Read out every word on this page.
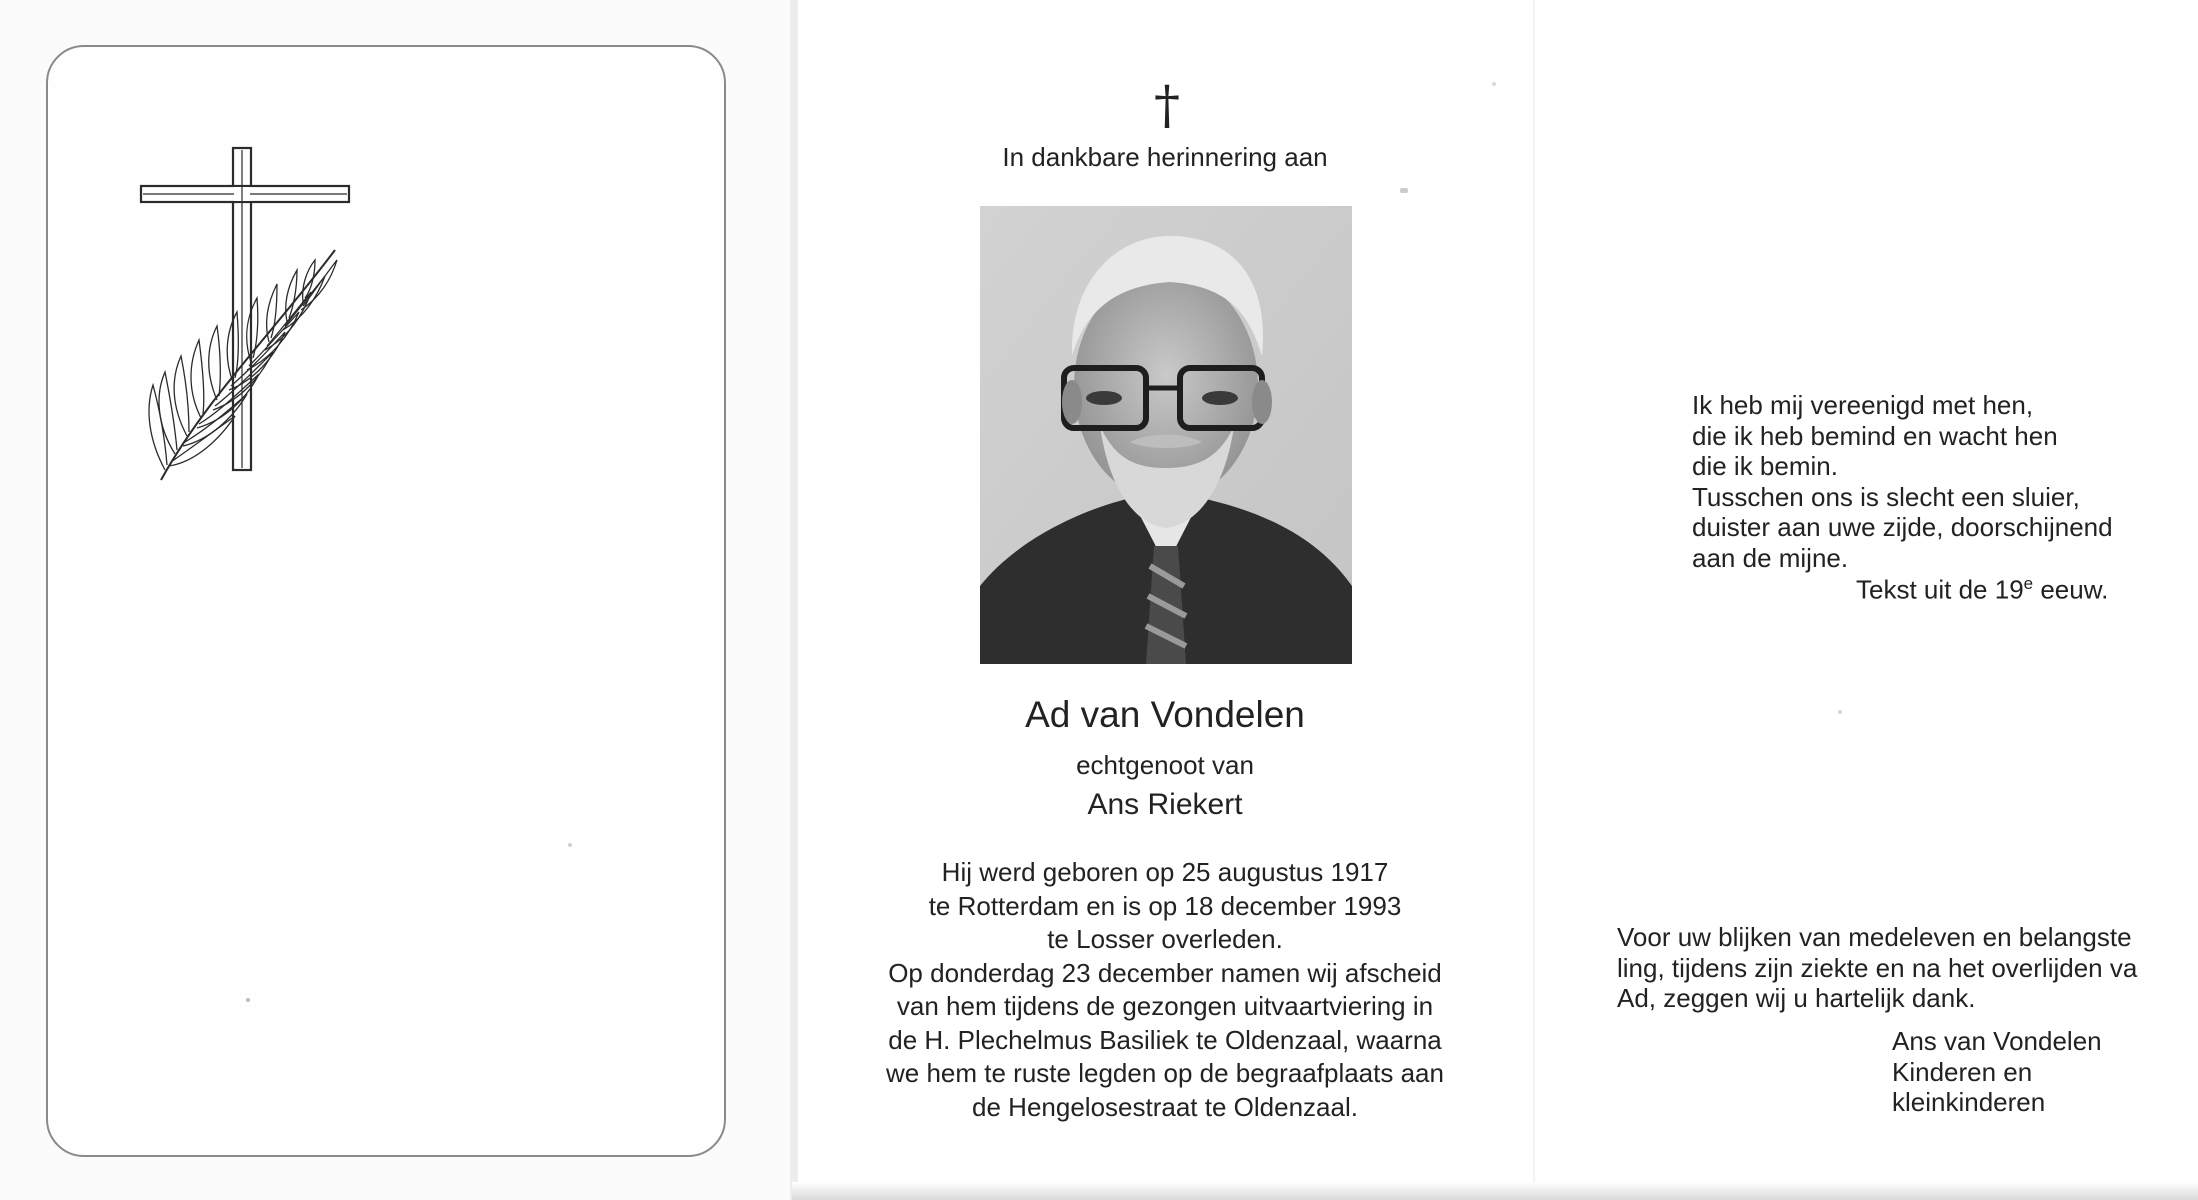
†
In dankbare herinnering aan
Ad van Vondelen
echtgenoot van
Ans Riekert
Hij werd geboren op 25 augustus 1917
te Rotterdam en is op 18 december 1993
te Losser overleden.
Op donderdag 23 december namen wij afscheid
van hem tijdens de gezongen uitvaartviering in
de H. Plechelmus Basiliek te Oldenzaal, waarna
we hem te ruste legden op de begraafplaats aan
de Hengelosestraat te Oldenzaal.
Ik heb mij vereenigd met hen,
die ik heb bemind en wacht hen
die ik bemin.
Tusschen ons is slecht een sluier,
duister aan uwe zijde, doorschijnend
aan de mijne.
Tekst uit de 19e eeuw.
Voor uw blijken van medeleven en belangste
ling, tijdens zijn ziekte en na het overlijden va
Ad, zeggen wij u hartelijk dank.
Ans van Vondelen
Kinderen en
kleinkinderen
